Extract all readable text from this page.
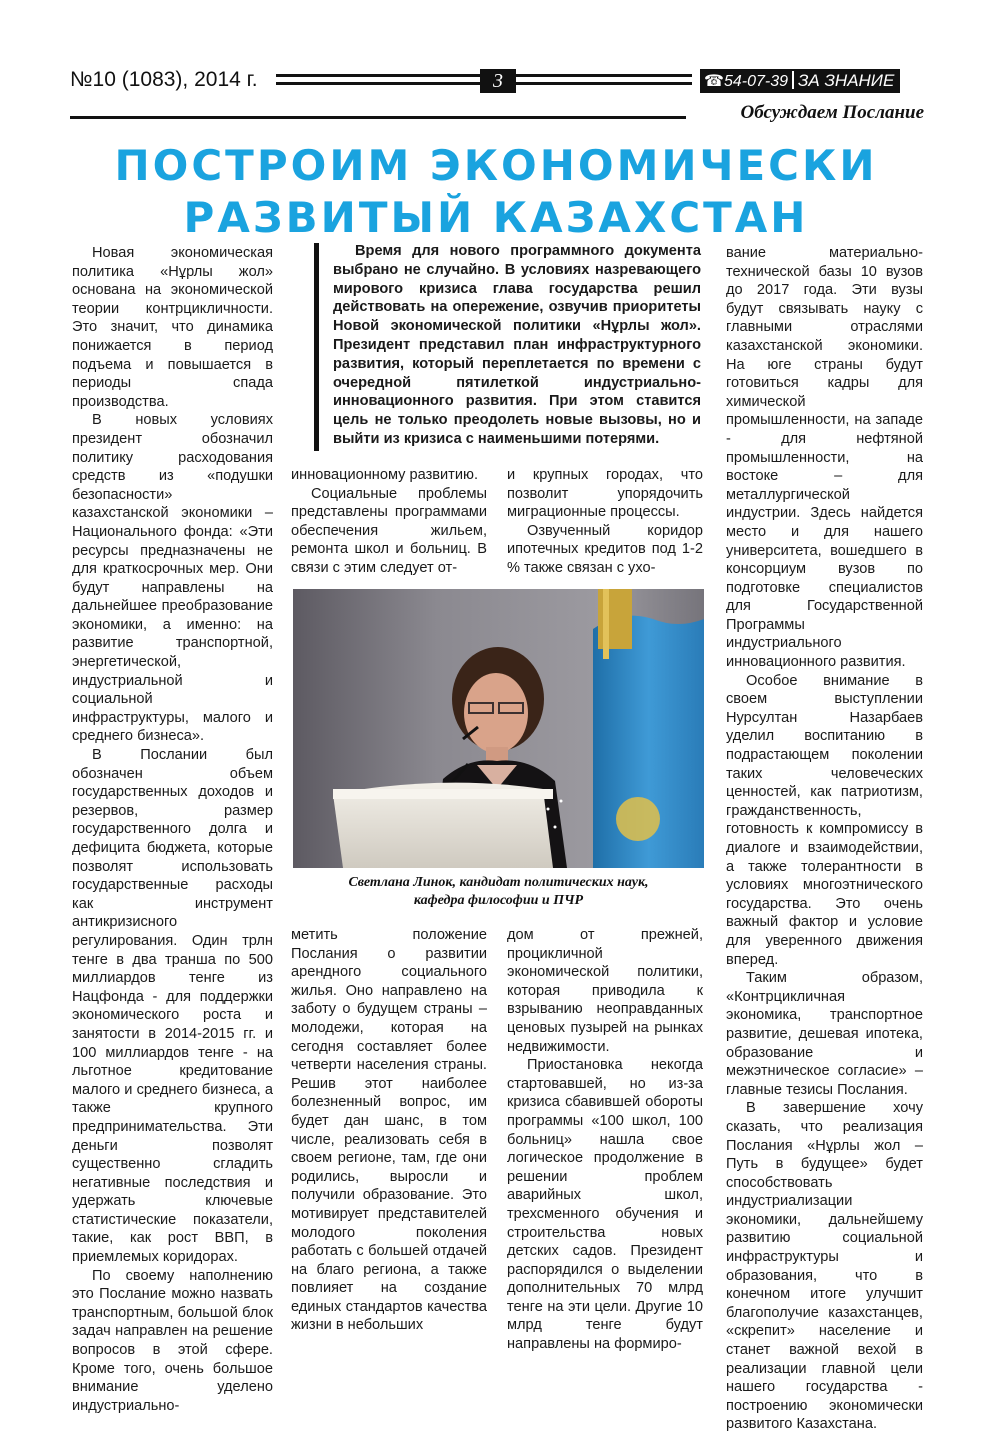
№10 (1083), 2014 г.	3	☎54-07-39 ЗА ЗНАНИЕ
Обсуждаем Послание
ПОСТРОИМ ЭКОНОМИЧЕСКИ
РАЗВИТЫЙ КАЗАХСТАН
Время для нового программного документа выбрано не случайно. В условиях назревающего мирового кризиса глава государства решил действовать на опережение, озвучив приоритеты Новой экономической политики «Нұрлы жол». Президент представил план инфраструктурного развития, который переплетается по времени с очередной пятилеткой индустриально-инновационного развития. При этом ставится цель не только преодолеть новые вызовы, но и выйти из кризиса с наименьшими потерями.

Новая экономическая политика «Нұрлы жол» основана на экономической теории контрцикличности. Это значит, что динамика понижается в период подъема и повышается в периоды спада производства.

В новых условиях президент обозначил политику расходования средств из «подушки безопасности» казахстанской экономики – Национального фонда: «Эти ресурсы предназначены не для краткосрочных мер. Они будут направлены на дальнейшее преобразование экономики, а именно: на развитие транспортной, энергетической, индустриальной и социальной инфраструктуры, малого и среднего бизнеса».

В Послании был обозначен объем государственных доходов и резервов, размер государственного долга и дефицита бюджета, которые позволят использовать государственные расходы как инструмент антикризисного регулирования. Один трлн тенге в два транша по 500 миллиардов тенге из Нацфонда - для поддержки экономического роста и занятости в 2014-2015 гг. и 100 миллиардов тенге - на льготное кредитование малого и среднего бизнеса, а также крупного предпринимательства. Эти деньги позволят существенно сгладить негативные последствия и удержать ключевые статистические показатели, такие, как рост ВВП, в приемлемых коридорах.

По своему наполнению это Послание можно назвать транспортным, большой блок задач направлен на решение вопросов в этой сфере. Кроме того, очень большое внимание уделено индустриально-

инновационному развитию.

Социальные проблемы представлены программами обеспечения жильем, ремонта школ и больниц. В связи с этим следует от-

и крупных городах, что позволит упорядочить миграционные процессы.

Озвученный коридор ипотечных кредитов под 1-2 % также связан с ухо-

Светлана Линок, кандидат политических наук,
кафедра философии и ПЧР

метить положение Послания о развитии арендного социального жилья. Оно направлено на заботу о будущем страны – молодежи, которая на сегодня составляет более четверти населения страны. Решив этот наиболее болезненный вопрос, им будет дан шанс, в том числе, реализовать себя в своем регионе, там, где они родились, выросли и получили образование. Это мотивирует представителей молодого поколения работать с большей отдачей на благо региона, а также повлияет на создание единых стандартов качества жизни в небольших

дом от прежней, процикличной экономической политики, которая приводила к взрыванию неоправданных ценовых пузырей на рынках недвижимости.

Приостановка некогда стартовавшей, но из-за кризиса сбавившей обороты программы «100 школ, 100 больниц» нашла свое логическое продолжение в решении проблем аварийных школ, трехсменного обучения и строительства новых детских садов. Президент распорядился о выделении дополнительных 70 млрд тенге на эти цели. Другие 10 млрд тенге будут направлены на формиро-

вание материально-технической базы 10 вузов до 2017 года. Эти вузы будут связывать науку с главными отраслями казахстанской экономики. На юге страны будут готовиться кадры для химической промышленности, на западе - для нефтяной промышленности, на востоке – для металлургической индустрии. Здесь найдется место и для нашего университета, вошедшего в консорциум вузов по подготовке специалистов для Государственной Программы индустриального инновационного развития.

Особое внимание в своем выступлении Нурсултан Назарбаев уделил воспитанию в подрастающем поколении таких человеческих ценностей, как патриотизм, гражданственность, готовность к компромиссу в диалоге и взаимодействии, а также толерантности в условиях многоэтнического государства. Это очень важный фактор и условие для уверенного движения вперед.

Таким образом, «Контрцикличная экономика, транспортное развитие, дешевая ипотека, образование и межэтническое согласие» – главные тезисы Послания.

В завершение хочу сказать, что реализация Послания «Нұрлы жол – Путь в будущее» будет способствовать индустриализации экономики, дальнейшему развитию социальной инфраструктуры и образования, что в конечном итоге улучшит благополучие казахстанцев, «скрепит» население и станет важной вехой в реализации главной цели нашего государства - построению экономически развитого Казахстана.
